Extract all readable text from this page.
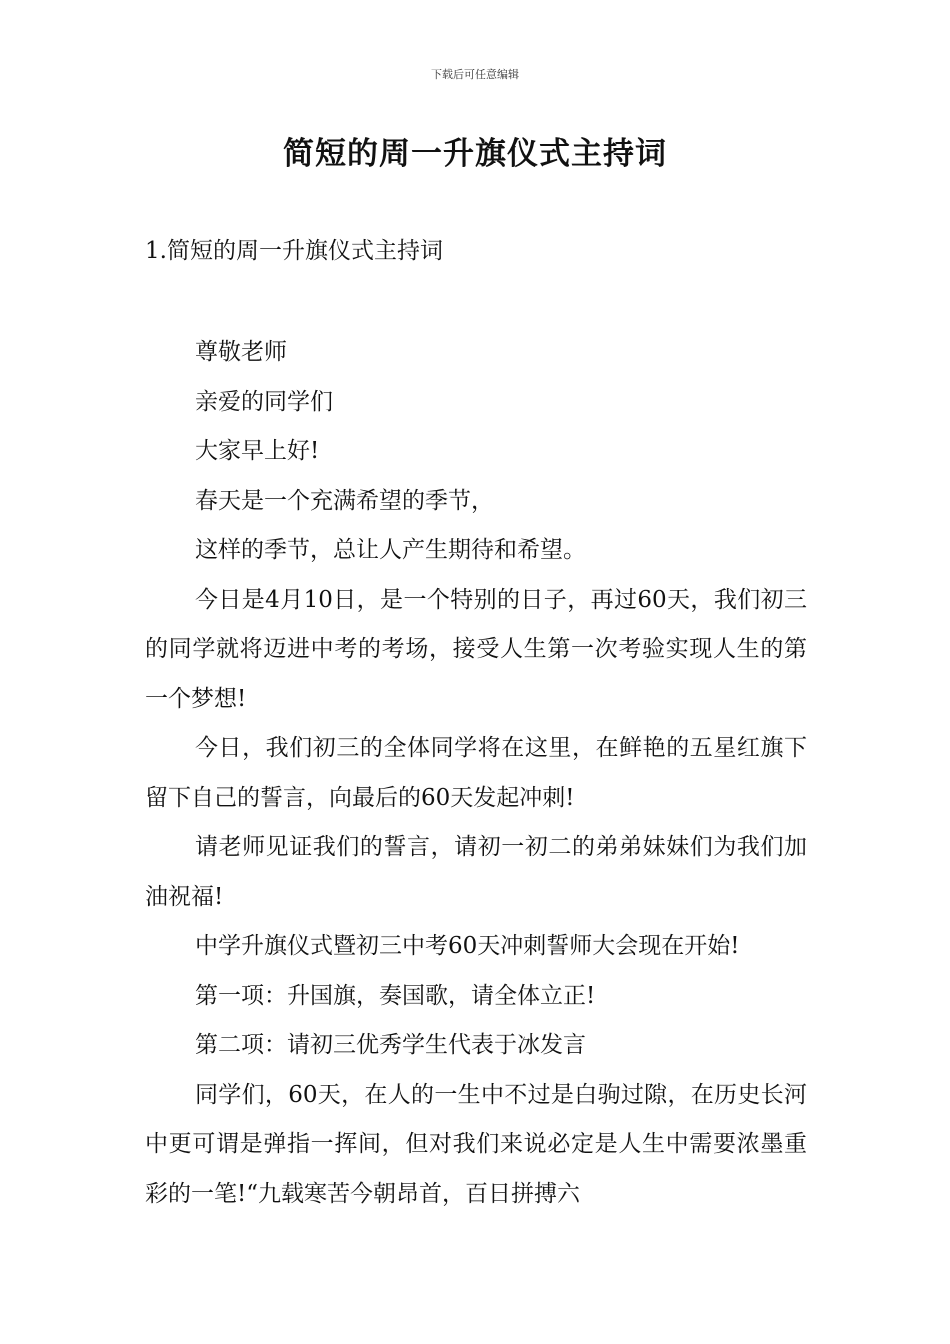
下载后可任意编辑
简短的周一升旗仪式主持词

1.简短的周一升旗仪式主持词

尊敬老师

亲爱的同学们

大家早上好!

春天是一个充满希望的季节，

这样的季节，总让人产生期待和希望。

今日是4月10日，是一个特别的日子，再过60天，我们初三的同学就将迈进中考的考场，接受人生第一次考验实现人生的第一个梦想!

今日，我们初三的全体同学将在这里，在鲜艳的五星红旗下留下自己的誓言，向最后的60天发起冲刺!

请老师见证我们的誓言，请初一初二的弟弟妹妹们为我们加油祝福!

中学升旗仪式暨初三中考60天冲刺誓师大会现在开始!

第一项：升国旗，奏国歌，请全体立正!

第二项：请初三优秀学生代表于冰发言

同学们，60天，在人的一生中不过是白驹过隙，在历史长河中更可谓是弹指一挥间，但对我们来说必定是人生中需要浓墨重彩的一笔!“九载寒苦今朝昂首，百日拼搏六
